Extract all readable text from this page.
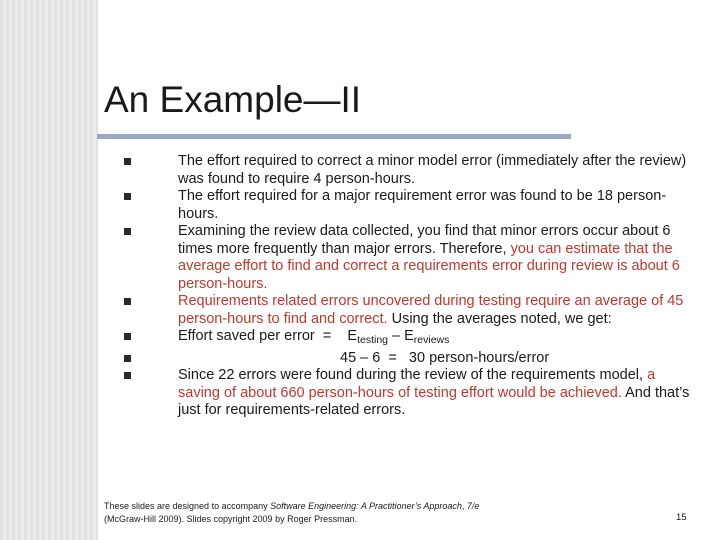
An Example—II
The effort required to correct a minor model error (immediately after the review) was found to require 4 person-hours.
The effort required for a major requirement error was found to be 18 person-hours.
Examining the review data collected, you find that minor errors occur about 6 times more frequently than major errors. Therefore, you can estimate that the average effort to find and correct a requirements error during review is about 6 person-hours.
Requirements related errors uncovered during testing require an average of 45 person-hours to find and correct. Using the averages noted, we get:
Effort saved per error  =    $E_{testing} - E_{reviews}$
45 – 6  =   30 person-hours/error
Since 22 errors were found during the review of the requirements model, a saving of about 660 person-hours of testing effort would be achieved. And that’s just for requirements-related errors.
These slides are designed to accompany Software Engineering: A Practitioner’s Approach, 7/e
(McGraw-Hill 2009). Slides copyright 2009 by Roger Pressman.	15
